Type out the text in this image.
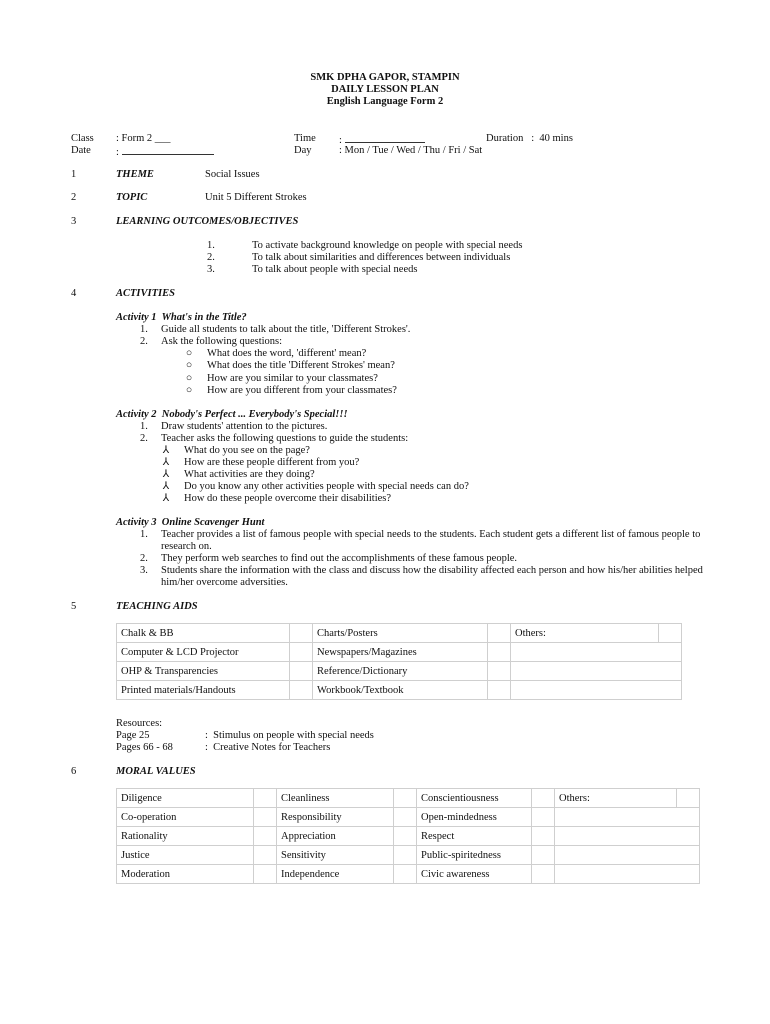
SMK DPHA GAPOR, STAMPIN
DAILY LESSON PLAN
English Language Form 2
Class : Form 2 ___
Date :
Time :
Day	: Mon / Tue / Wed / Thu / Fri / Sat
Duration   :  40 mins
1	THEME	Social Issues
2	TOPIC	Unit 5 Different Strokes
3	LEARNING OUTCOMES/OBJECTIVES
1.	To activate background knowledge on people with special needs
2.	To talk about similarities and differences between individuals
3.	To talk about people with special needs
4	ACTIVITIES
Activity 1  What's in the Title?
1. Guide all students to talk about the title, 'Different Strokes'.
2. Ask the following questions:
○ What does the word, 'different' mean?
○ What does the title 'Different Strokes' mean?
○ How are you similar to your classmates?
○ How are you different from your classmates?
Activity 2  Nobody's Perfect ... Everybody's Special!!!
1. Draw students' attention to the pictures.
2. Teacher asks the following questions to guide the students:
⅄ What do you see on the page?
⅄ How are these people different from you?
⅄ What activities are they doing?
⅄ Do you know any other activities people with special needs can do?
⅄ How do these people overcome their disabilities?
Activity 3  Online Scavenger Hunt
1. Teacher provides a list of famous people with special needs to the students. Each student gets a different list of famous people to
research on.
2. They perform web searches to find out the accomplishments of these famous people.
3. Students share the information with the class and discuss how the disability affected each person and how his/her abilities helped
him/her overcome adversities.
5	TEACHING AIDS
Chalk & BB		Charts/Posters		Others:	
Computer & LCD Projector		Newspapers/Magazines			
OHP & Transparencies		Reference/Dictionary			
Printed materials/Handouts		Workbook/Textbook			
Resources:
Page 25	:  Stimulus on people with special needs
Pages 66 - 68	:  Creative Notes for Teachers
6	MORAL VALUES
Diligence		Cleanliness		Conscientiousness		Others:	
Co-operation		Responsibility		Open-mindedness			
Rationality		Appreciation		Respect			
Justice		Sensitivity		Public-spiritedness			
Moderation		Independence		Civic awareness			
